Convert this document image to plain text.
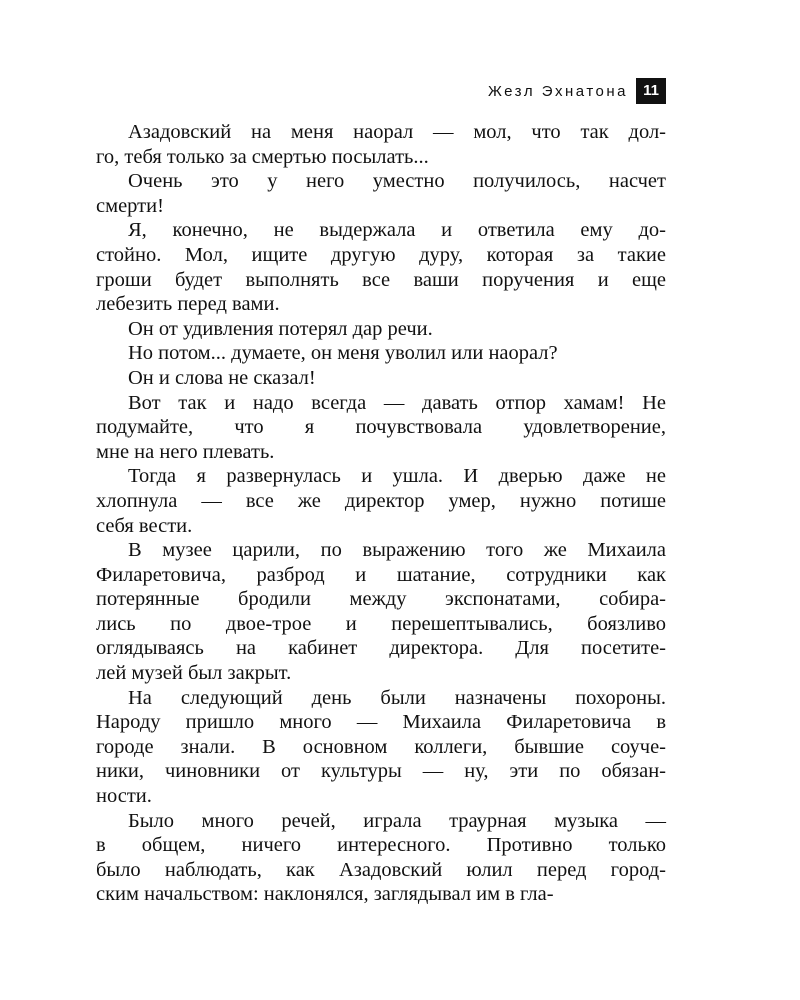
Жезл Эхнатона	11
Азадовский на меня наорал — мол, что так дол-
го, тебя только за смертью посылать...
Очень это у него уместно получилось, насчет
смерти!
Я, конечно, не выдержала и ответила ему до-
стойно. Мол, ищите другую дуру, которая за такие
гроши будет выполнять все ваши поручения и еще
лебезить перед вами.
Он от удивления потерял дар речи.
Но потом... думаете, он меня уволил или наорал?
Он и слова не сказал!
Вот так и надо всегда — давать отпор хамам! Не
подумайте, что я почувствовала удовлетворение,
мне на него плевать.
Тогда я развернулась и ушла. И дверью даже не
хлопнула — все же директор умер, нужно потише
себя вести.
В музее царили, по выражению того же Михаила
Филаретовича, разброд и шатание, сотрудники как
потерянные бродили между экспонатами, собира-
лись по двое-трое и перешептывались, боязливо
оглядываясь на кабинет директора. Для посетите-
лей музей был закрыт.
На следующий день были назначены похороны.
Народу пришло много — Михаила Филаретовича в
городе знали. В основном коллеги, бывшие соуче-
ники, чиновники от культуры — ну, эти по обязан-
ности.
Было много речей, играла траурная музыка —
в общем, ничего интересного. Противно только
было наблюдать, как Азадовский юлил перед город-
ским начальством: наклонялся, заглядывал им в гла-
